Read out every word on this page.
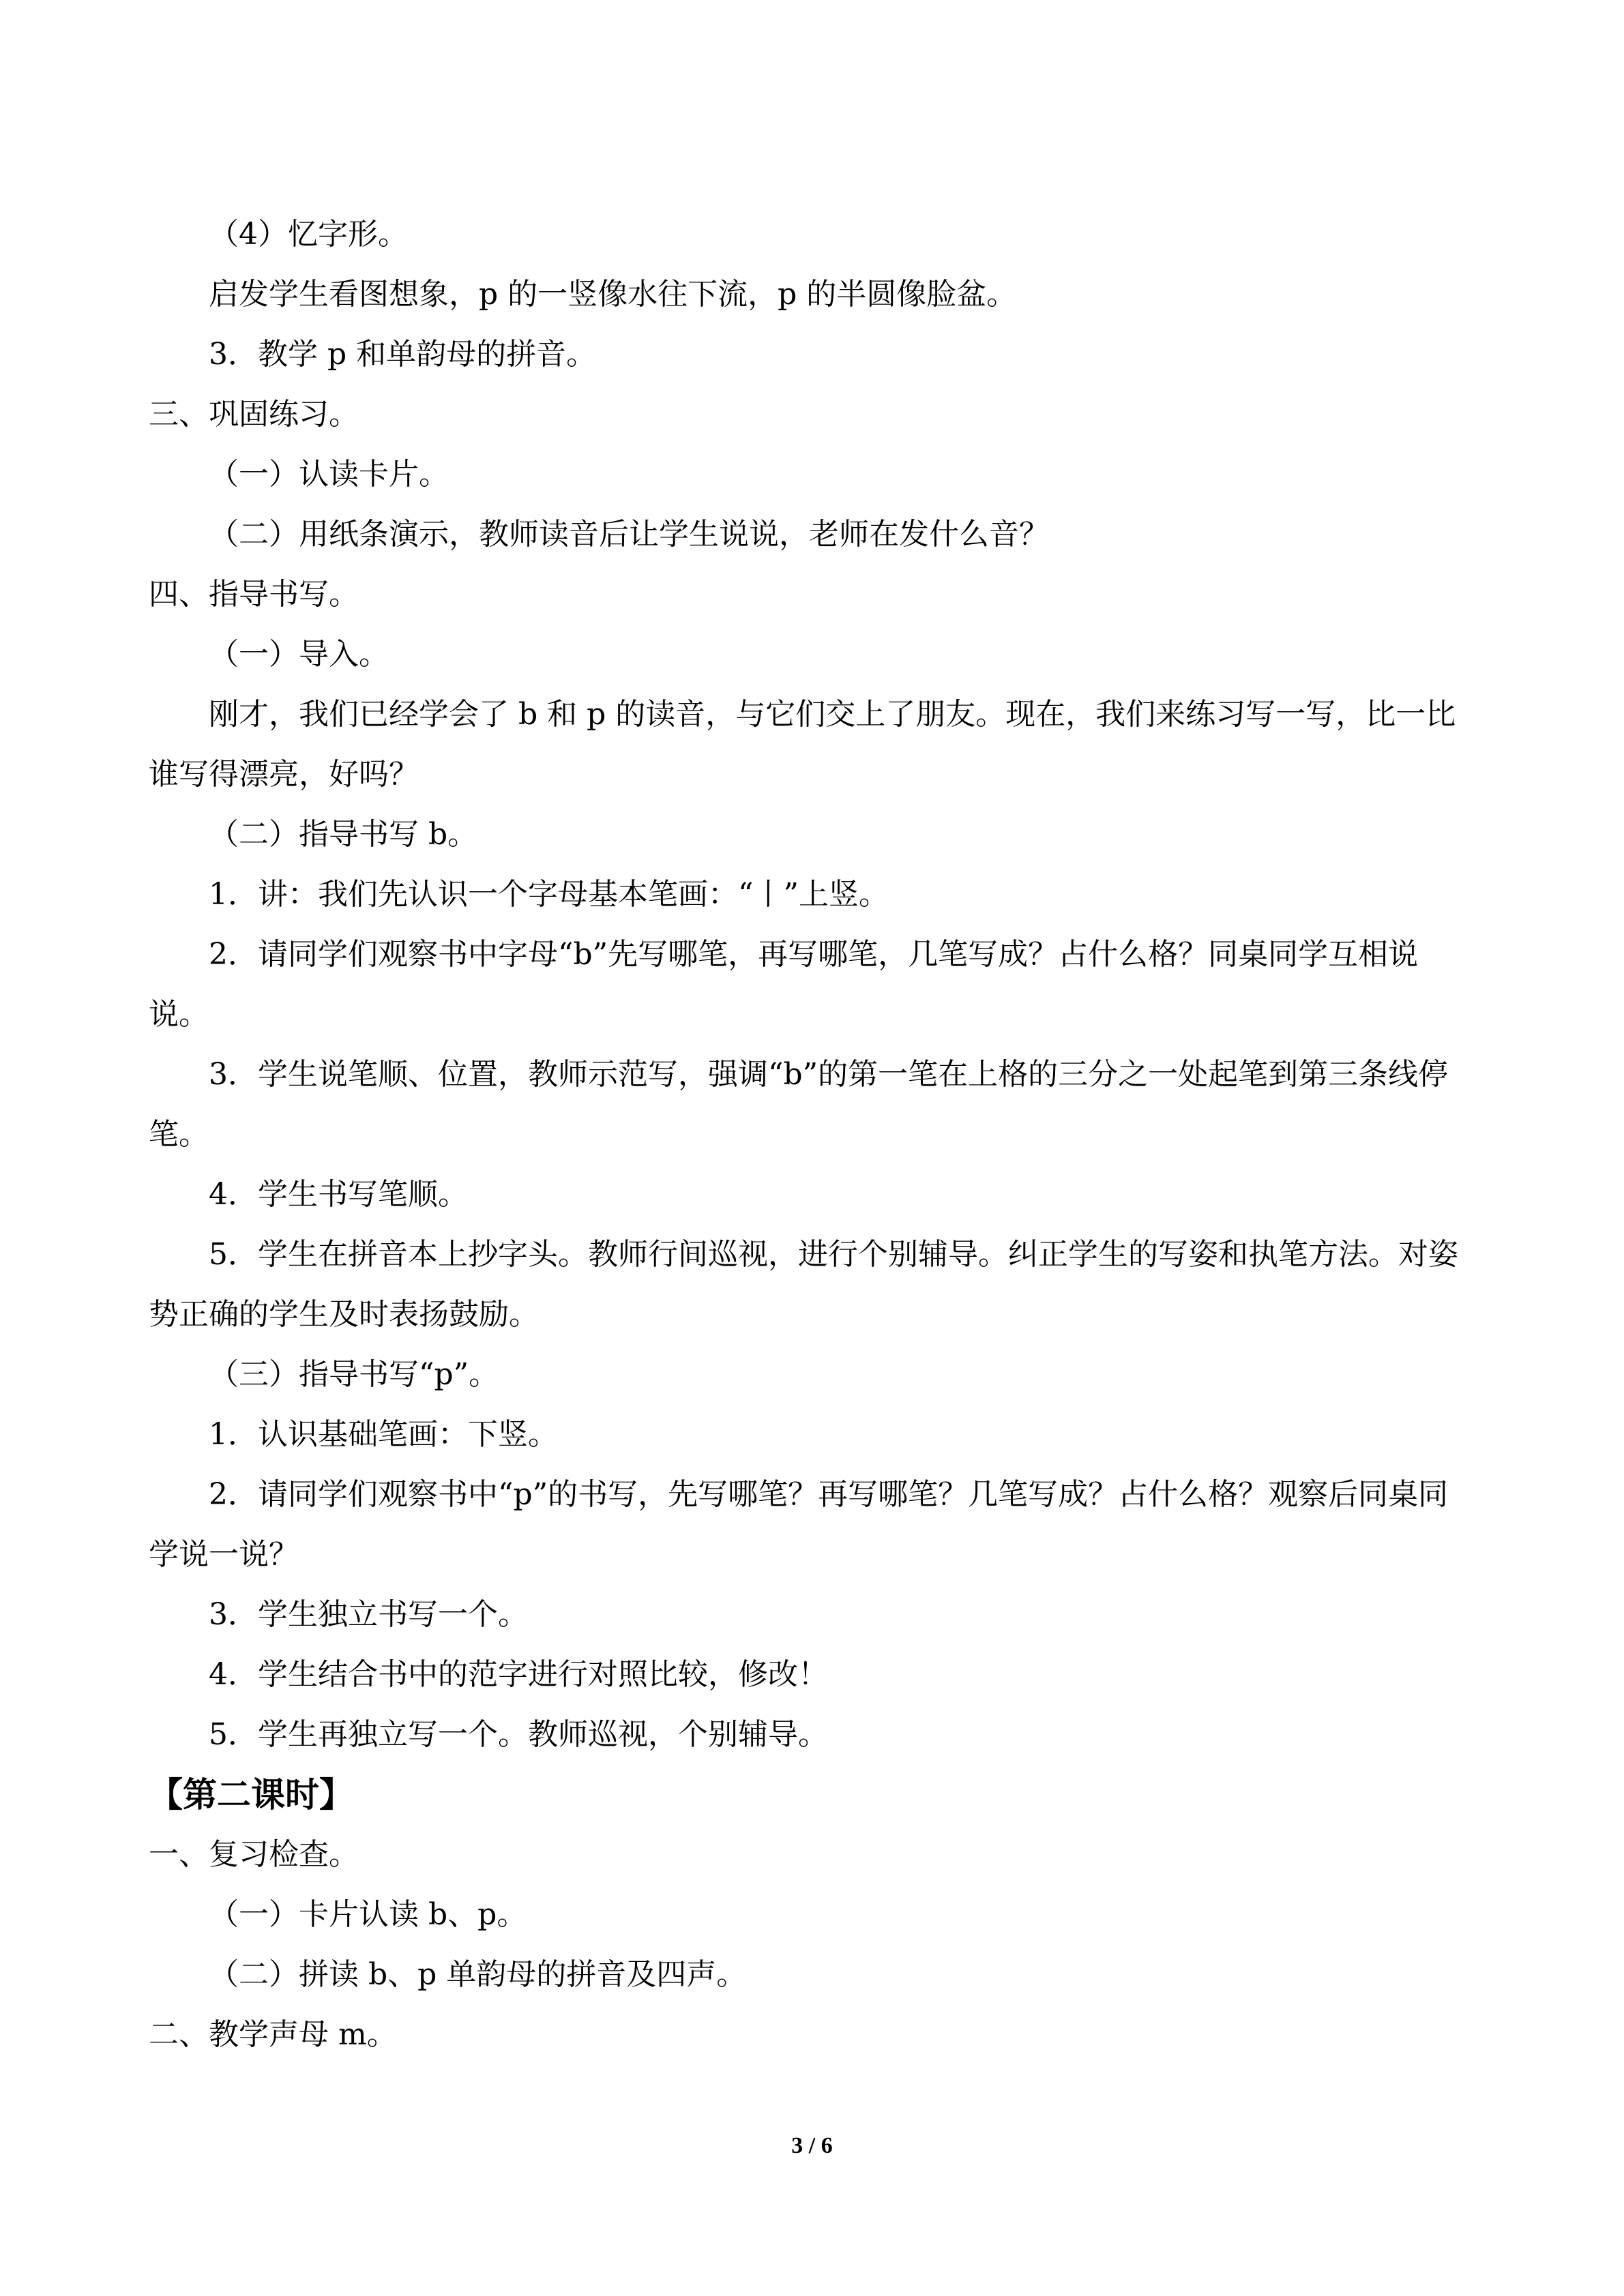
（4）忆字形。

启发学生看图想象，p 的一竖像水往下流，p 的半圆像脸盆。

3．教学 p 和单韵母的拼音。

三、巩固练习。

（一）认读卡片。

（二）用纸条演示，教师读音后让学生说说，老师在发什么音？

四、指导书写。

（一）导入。

刚才，我们已经学会了 b 和 p 的读音，与它们交上了朋友。现在，我们来练习写一写，比一比谁写得漂亮，好吗？

（二）指导书写 b。

1．讲：我们先认识一个字母基本笔画：“丨”上竖。

2．请同学们观察书中字母“b”先写哪笔，再写哪笔，几笔写成？占什么格？同桌同学互相说说。

3．学生说笔顺、位置，教师示范写，强调“b”的第一笔在上格的三分之一处起笔到第三条线停笔。

4．学生书写笔顺。

5．学生在拼音本上抄字头。教师行间巡视，进行个别辅导。纠正学生的写姿和执笔方法。对姿势正确的学生及时表扬鼓励。

（三）指导书写“p”。

1．认识基础笔画：下竖。

2．请同学们观察书中“p”的书写，先写哪笔？再写哪笔？几笔写成？占什么格？观察后同桌同学说一说？

3．学生独立书写一个。

4．学生结合书中的范字进行对照比较，修改！

5．学生再独立写一个。教师巡视，个别辅导。

【第二课时】

一、复习检查。

（一）卡片认读 b、p。

（二）拼读 b、p 单韵母的拼音及四声。

二、教学声母 m。

3 / 6
